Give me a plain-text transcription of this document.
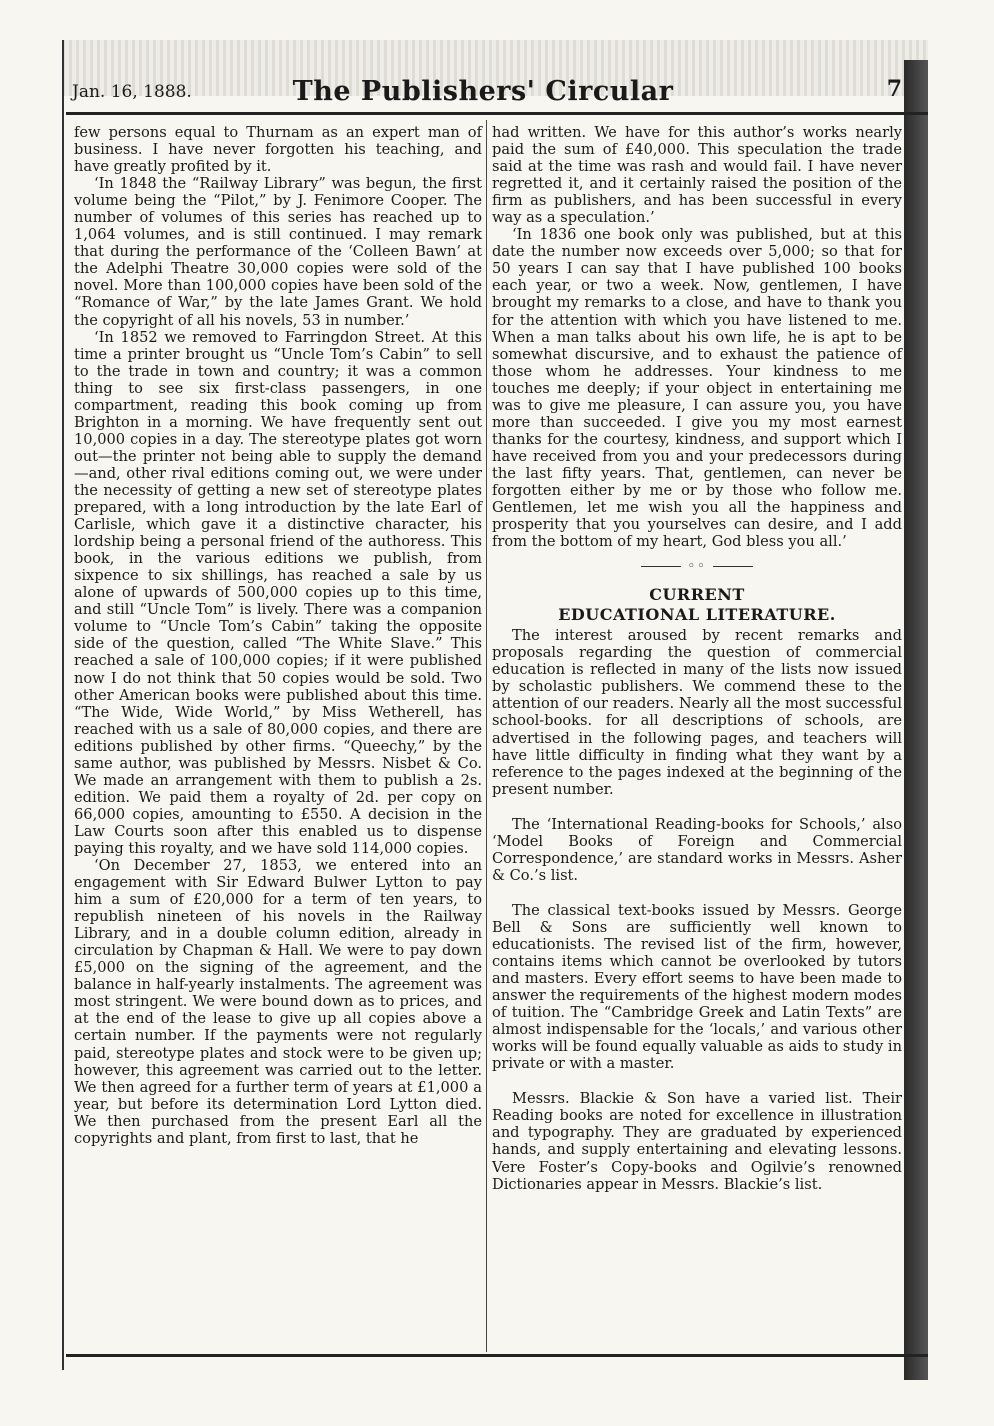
Jan. 16, 1888.	The Publishers' Circular	7

few persons equal to Thurnam as an expert man of business. I have never forgotten his teaching, and have greatly profited by it.

‘In 1848 the “Railway Library” was begun, the first volume being the “Pilot,” by J. Fenimore Cooper. The number of volumes of this series has reached up to 1,064 volumes, and is still continued. I may remark that during the performance of the ‘Colleen Bawn’ at the Adelphi Theatre 30,000 copies were sold of the novel. More than 100,000 copies have been sold of the “Romance of War,” by the late James Grant. We hold the copyright of all his novels, 53 in number.’

‘In 1852 we removed to Farringdon Street. At this time a printer brought us “Uncle Tom’s Cabin” to sell to the trade in town and country; it was a common thing to see six first-class passengers, in one compartment, reading this book coming up from Brighton in a morning. We have frequently sent out 10,000 copies in a day. The stereotype plates got worn out—the printer not being able to supply the demand—and, other rival editions coming out, we were under the necessity of getting a new set of stereotype plates prepared, with a long introduction by the late Earl of Carlisle, which gave it a distinctive character, his lordship being a personal friend of the authoress. This book, in the various editions we publish, from sixpence to six shillings, has reached a sale by us alone of upwards of 500,000 copies up to this time, and still “Uncle Tom” is lively. There was a companion volume to “Uncle Tom’s Cabin” taking the opposite side of the question, called “The White Slave.” This reached a sale of 100,000 copies; if it were published now I do not think that 50 copies would be sold. Two other American books were published about this time. “The Wide, Wide World,” by Miss Wetherell, has reached with us a sale of 80,000 copies, and there are editions published by other firms. “Queechy,” by the same author, was published by Messrs. Nisbet & Co. We made an arrangement with them to publish a 2s. edition. We paid them a royalty of 2d. per copy on 66,000 copies, amounting to £550. A decision in the Law Courts soon after this enabled us to dispense paying this royalty, and we have sold 114,000 copies.

‘On December 27, 1853, we entered into an engagement with Sir Edward Bulwer Lytton to pay him a sum of £20,000 for a term of ten years, to republish nineteen of his novels in the Railway Library, and in a double column edition, already in circulation by Chapman & Hall. We were to pay down £5,000 on the signing of the agreement, and the balance in half-yearly instalments. The agreement was most stringent. We were bound down as to prices, and at the end of the lease to give up all copies above a certain number. If the payments were not regularly paid, stereotype plates and stock were to be given up; however, this agreement was carried out to the letter. We then agreed for a further term of years at £1,000 a year, but before its determination Lord Lytton died. We then purchased from the present Earl all the copyrights and plant, from first to last, that he

had written. We have for this author’s works nearly paid the sum of £40,000. This speculation the trade said at the time was rash and would fail. I have never regretted it, and it certainly raised the position of the firm as publishers, and has been successful in every way as a speculation.’

‘In 1836 one book only was published, but at this date the number now exceeds over 5,000; so that for 50 years I can say that I have published 100 books each year, or two a week. Now, gentlemen, I have brought my remarks to a close, and have to thank you for the attention with which you have listened to me. When a man talks about his own life, he is apt to be somewhat discursive, and to exhaust the patience of those whom he addresses. Your kindness to me touches me deeply; if your object in entertaining me was to give me pleasure, I can assure you, you have more than succeeded. I give you my most earnest thanks for the courtesy, kindness, and support which I have received from you and your predecessors during the last fifty years. That, gentlemen, can never be forgotten either by me or by those who follow me. Gentlemen, let me wish you all the happiness and prosperity that you yourselves can desire, and I add from the bottom of my heart, God bless you all.’

◦◦
CURRENT
EDUCATIONAL LITERATURE.

The interest aroused by recent remarks and proposals regarding the question of commercial education is reflected in many of the lists now issued by scholastic publishers. We commend these to the attention of our readers. Nearly all the most successful school-books. for all descriptions of schools, are advertised in the following pages, and teachers will have little difficulty in finding what they want by a reference to the pages indexed at the beginning of the present number.

The ‘International Reading-books for Schools,’ also ‘Model Books of Foreign and Commercial Correspondence,’ are standard works in Messrs. Asher & Co.’s list.

The classical text-books issued by Messrs. George Bell & Sons are sufficiently well known to educationists. The revised list of the firm, however, contains items which cannot be overlooked by tutors and masters. Every effort seems to have been made to answer the requirements of the highest modern modes of tuition. The “Cambridge Greek and Latin Texts” are almost indispensable for the ‘locals,’ and various other works will be found equally valuable as aids to study in private or with a master.

Messrs. Blackie & Son have a varied list. Their Reading books are noted for excellence in illustration and typography. They are graduated by experienced hands, and supply entertaining and elevating lessons. Vere Foster’s Copy-books and Ogilvie’s renowned Dictionaries appear in Messrs. Blackie’s list.
